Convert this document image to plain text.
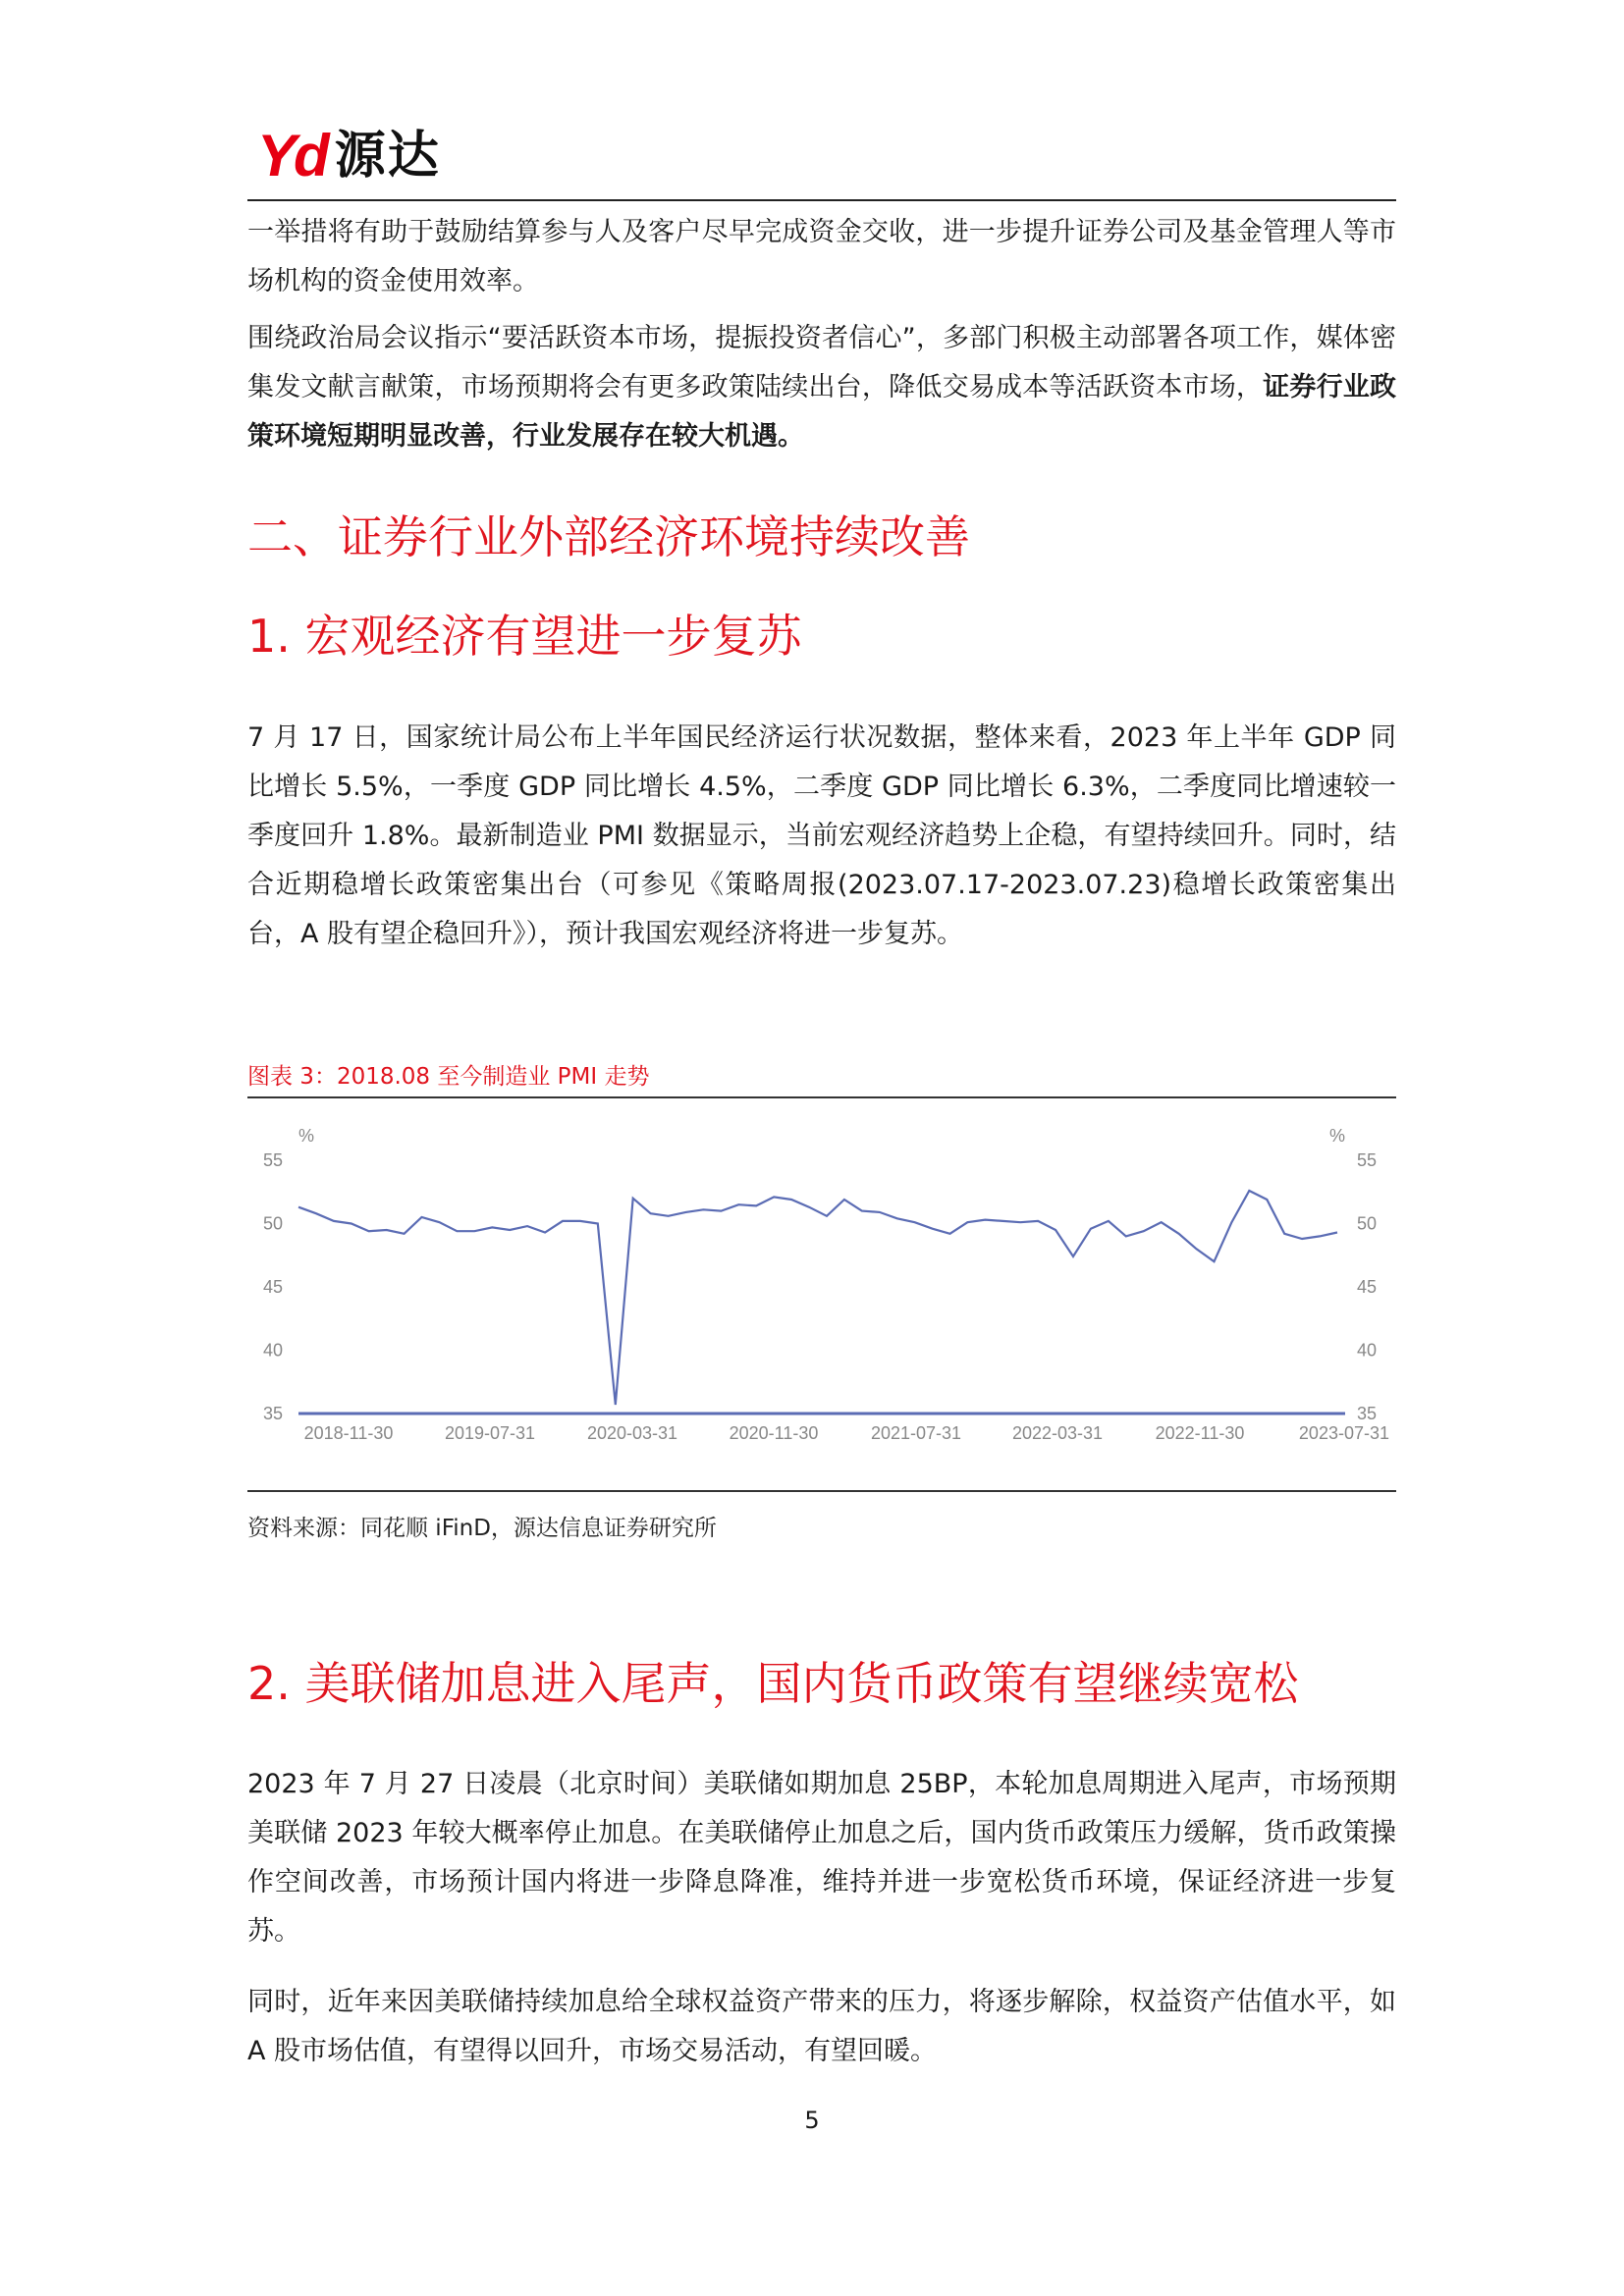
Yd 源达

一举措将有助于鼓励结算参与人及客户尽早完成资金交收，进一步提升证券公司及基金管理人等市场机构的资金使用效率。

围绕政治局会议指示“要活跃资本市场，提振投资者信心”，多部门积极主动部署各项工作，媒体密集发文献言献策，市场预期将会有更多政策陆续出台，降低交易成本等活跃资本市场，证券行业政策环境短期明显改善，行业发展存在较大机遇。

二、证券行业外部经济环境持续改善
1. 宏观经济有望进一步复苏

7 月 17 日，国家统计局公布上半年国民经济运行状况数据，整体来看，2023 年上半年 GDP 同比增长 5.5%，一季度 GDP 同比增长 4.5%，二季度 GDP 同比增长 6.3%，二季度同比增速较一季度回升 1.8%。最新制造业 PMI 数据显示，当前宏观经济趋势上企稳，有望持续回升。同时，结合近期稳增长政策密集出台（可参见《策略周报(2023.07.17-2023.07.23)稳增长政策密集出台，A 股有望企稳回升》），预计我国宏观经济将进一步复苏。

图表 3：2018.08 至今制造业 PMI 走势
%	%
55
50
45
40
35
55
50
45
40
35
2018-11-30	2019-07-31	2020-03-31	2020-11-30	2021-07-31	2022-03-31	2022-11-30	2023-07-31
资料来源：同花顺 iFinD，源达信息证券研究所
2. 美联储加息进入尾声，国内货币政策有望继续宽松

2023 年 7 月 27 日凌晨（北京时间）美联储如期加息 25BP，本轮加息周期进入尾声，市场预期美联储 2023 年较大概率停止加息。在美联储停止加息之后，国内货币政策压力缓解，货币政策操作空间改善，市场预计国内将进一步降息降准，维持并进一步宽松货币环境，保证经济进一步复苏。

同时，近年来因美联储持续加息给全球权益资产带来的压力，将逐步解除，权益资产估值水平，如 A 股市场估值，有望得以回升，市场交易活动，有望回暖。

5
